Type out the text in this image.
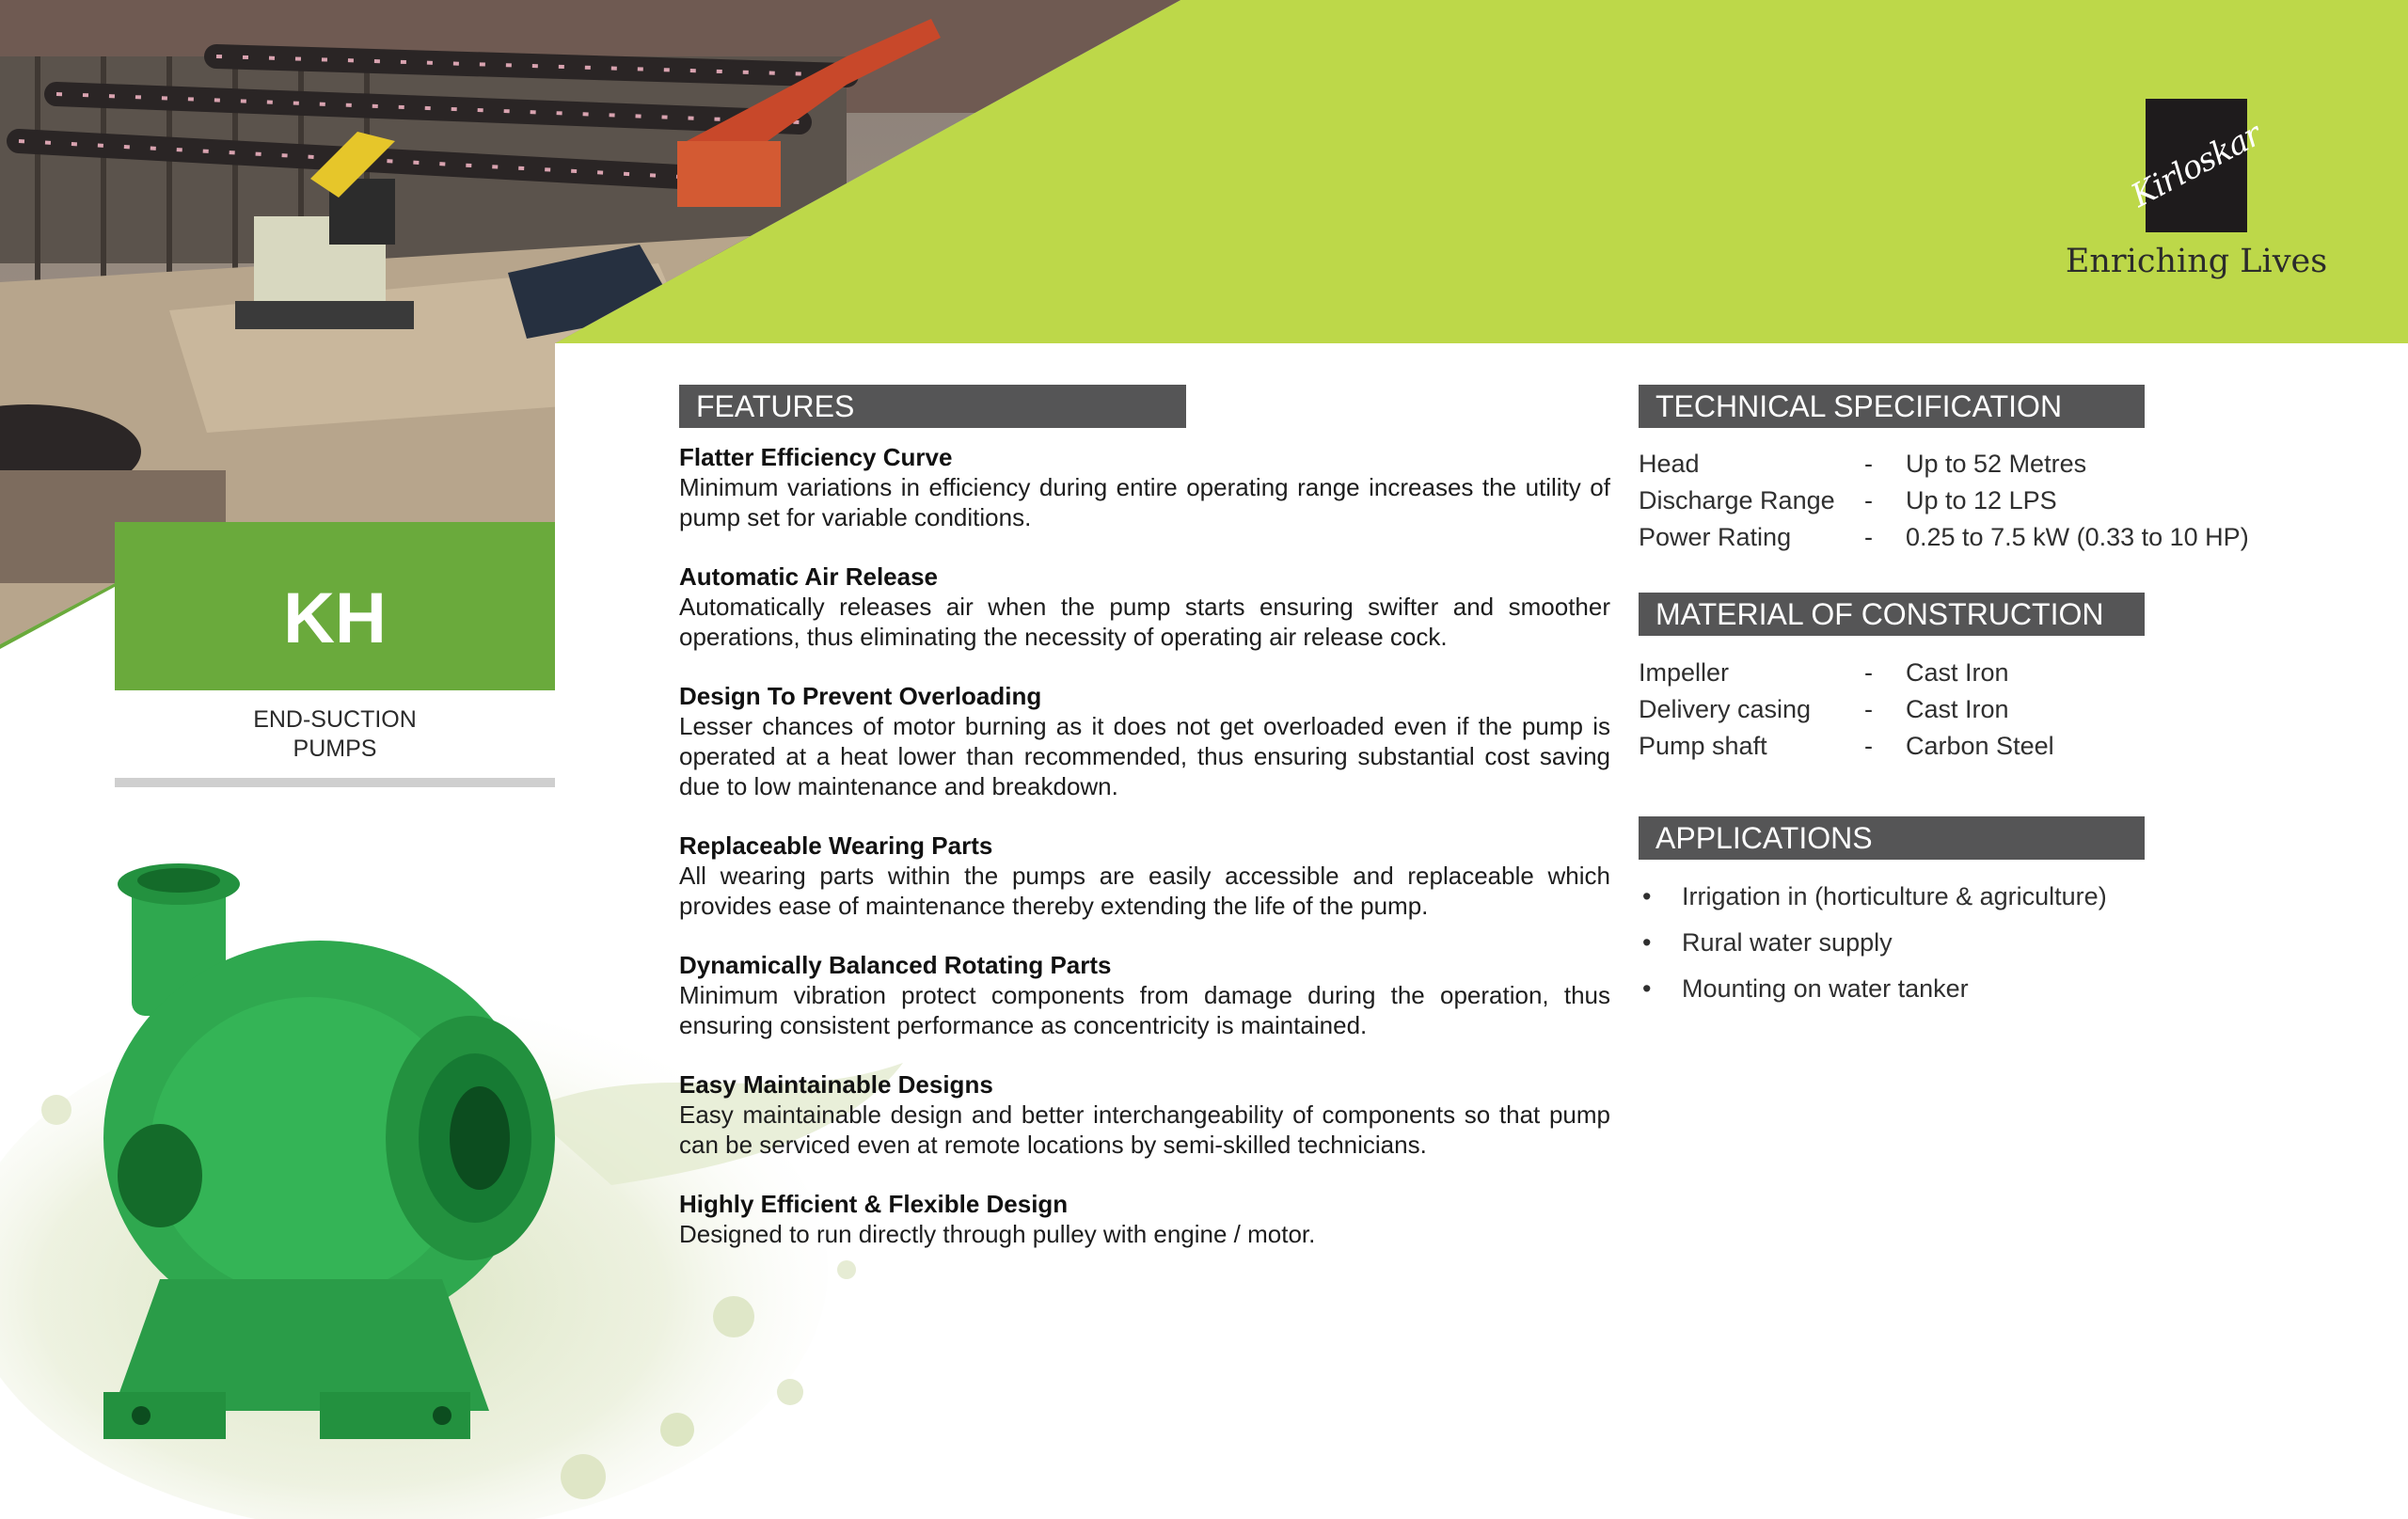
Kirloskar
Enriching Lives
KH
END-SUCTION
PUMPS
FEATURES
Flatter Efficiency Curve
Minimum variations in efficiency during entire operating range increases the utility of pump set for variable conditions.
Automatic Air Release
Automatically releases air when the pump starts ensuring swifter and smoother operations, thus eliminating the necessity of operating air release cock.
Design To Prevent Overloading
Lesser chances of motor burning as it does not get overloaded even if the pump is operated at a heat lower than recommended, thus ensuring substantial cost saving due to low maintenance and breakdown.
Replaceable Wearing Parts
All wearing parts within the pumps are easily accessible and replaceable which provides ease of maintenance thereby extending the life of the pump.
Dynamically Balanced Rotating Parts
Minimum vibration protect components from damage during the operation, thus ensuring consistent performance as concentricity is maintained.
Easy Maintainable Designs
Easy maintainable design and better interchangeability of components so that pump can be serviced even at remote locations by semi-skilled technicians.
Highly Efficient & Flexible Design
Designed to run directly through pulley with engine / motor.
TECHNICAL SPECIFICATION
Head	-	Up to 52 Metres
Discharge Range	-	Up to 12 LPS
Power Rating	-	0.25 to 7.5 kW (0.33 to 10 HP)
MATERIAL OF CONSTRUCTION
Impeller	-	Cast Iron
Delivery casing	-	Cast Iron
Pump shaft	-	Carbon Steel
APPLICATIONS
• Irrigation in (horticulture & agriculture)
• Rural water supply
• Mounting on water tanker
